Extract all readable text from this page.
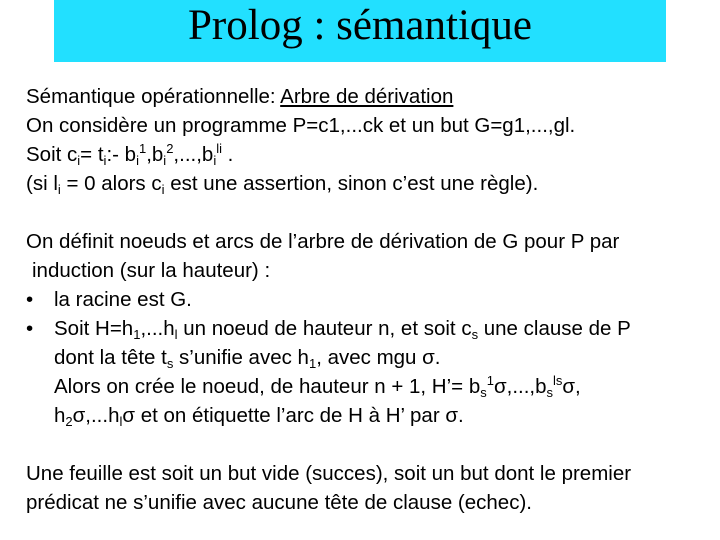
Prolog : sémantique
Sémantique opérationnelle: Arbre de dérivation
On considère un programme P=c1,...ck et un but G=g1,...,gl.
Soit $c_i=$ $t_i:-$ $b_i^1,b_i^2,...,b_i^{li}$ .
(si $l_i = 0$ alors $c_i$ est une assertion, sinon c’est une règle).
On définit noeuds et arcs de l’arbre de dérivation de G pour P par
induction (sur la hauteur) :
• la racine est G.
• Soit $H=h_1,...h_l$ un noeud de hauteur n, et soit $c_s$ une clause de P
dont la tête $t_s$ s’unifie avec $h_1$, avec mgu σ.
Alors on crée le noeud, de hauteur n + 1, H’= $b_s^1\sigma,...,b_s^{ls}\sigma$,
$h_2\sigma,...h_l\sigma$ et on étiquette l’arc de H à H’ par σ.
Une feuille est soit un but vide (succes), soit un but dont le premier
prédicat ne s’unifie avec aucune tête de clause (echec).
